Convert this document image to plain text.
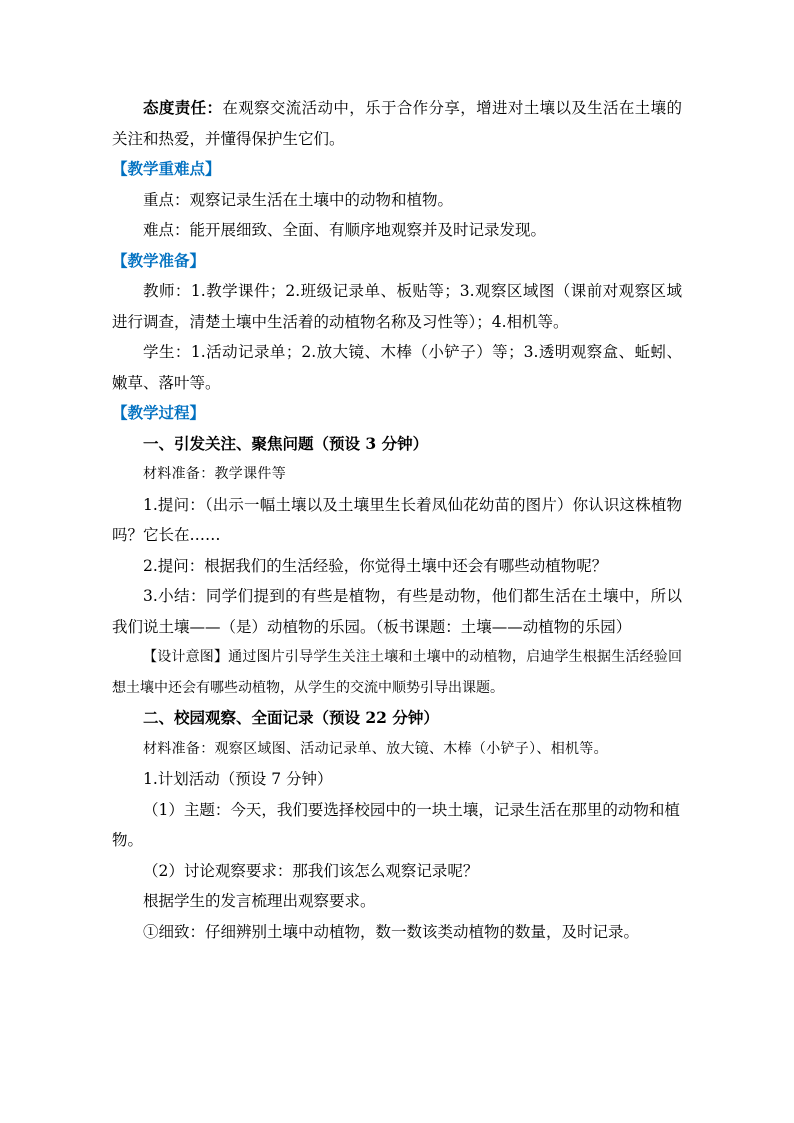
态度责任：在观察交流活动中，乐于合作分享，增进对土壤以及生活在土壤的关注和热爱，并懂得保护生它们。

【教学重难点】

重点：观察记录生活在土壤中的动物和植物。

难点：能开展细致、全面、有顺序地观察并及时记录发现。

【教学准备】

教师：1.教学课件；2.班级记录单、板贴等；3.观察区域图（课前对观察区域进行调查，清楚土壤中生活着的动植物名称及习性等）；4.相机等。

学生：1.活动记录单；2.放大镜、木棒（小铲子）等；3.透明观察盒、蚯蚓、嫩草、落叶等。

【教学过程】

一、引发关注、聚焦问题（预设 3 分钟）

材料准备：教学课件等

1.提问：（出示一幅土壤以及土壤里生长着凤仙花幼苗的图片）你认识这株植物吗？它长在……

2.提问：根据我们的生活经验，你觉得土壤中还会有哪些动植物呢？

3.小结：同学们提到的有些是植物，有些是动物，他们都生活在土壤中，所以我们说土壤——（是）动植物的乐园。（板书课题：土壤——动植物的乐园）

【设计意图】通过图片引导学生关注土壤和土壤中的动植物，启迪学生根据生活经验回想土壤中还会有哪些动植物，从学生的交流中顺势引导出课题。

二、校园观察、全面记录（预设 22 分钟）

材料准备：观察区域图、活动记录单、放大镜、木棒（小铲子）、相机等。

1.计划活动（预设 7 分钟）

（1）主题：今天，我们要选择校园中的一块土壤，记录生活在那里的动物和植物。

（2）讨论观察要求：那我们该怎么观察记录呢？

根据学生的发言梳理出观察要求。

①细致：仔细辨别土壤中动植物，数一数该类动植物的数量，及时记录。
